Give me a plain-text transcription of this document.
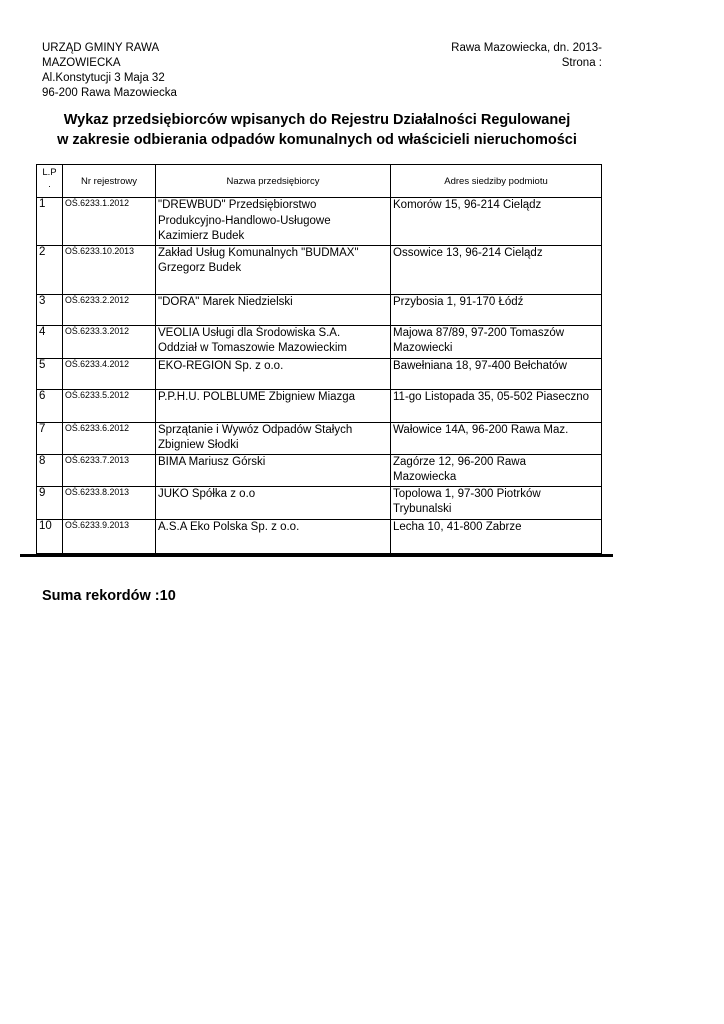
URZĄD GMINY RAWA
MAZOWIECKA
Al.Konstytucji 3 Maja 32
96-200 Rawa Mazowiecka
Rawa Mazowiecka, dn. 2013-
Strona :
Wykaz przedsiębiorców wpisanych do Rejestru Działalności Regulowanej
w zakresie odbierania odpadów komunalnych od właścicieli nieruchomości
L.P
.	Nr rejestrowy	Nazwa przedsiębiorcy	Adres siedziby podmiotu
1	OŚ.6233.1.2012	"DREWBUD" Przedsiębiorstwo
Produkcyjno-Handlowo-Usługowe
Kazimierz Budek	Komorów 15, 96-214 Cielądz
2	OŚ.6233.10.2013	Zakład Usług Komunalnych "BUDMAX"
Grzegorz Budek	Ossowice 13, 96-214 Cielądz
3	OŚ.6233.2.2012	"DORA" Marek Niedzielski	Przybosia 1, 91-170 Łódź
4	OŚ.6233.3.2012	VEOLIA Usługi dla Środowiska S.A.
Oddział w Tomaszowie Mazowieckim	Majowa 87/89, 97-200 Tomaszów
Mazowiecki
5	OŚ.6233.4.2012	EKO-REGION Sp. z o.o.	Bawełniana 18, 97-400 Bełchatów
6	OŚ.6233.5.2012	P.P.H.U. POLBLUME Zbigniew Miazga	11-go Listopada 35, 05-502 Piaseczno
7	OŚ.6233.6.2012	Sprzątanie i Wywóz Odpadów Stałych
Zbigniew Słodki	Wałowice 14A, 96-200 Rawa Maz.
8	OŚ.6233.7.2013	BIMA Mariusz Górski	Zagórze 12, 96-200 Rawa
Mazowiecka
9	OŚ.6233.8.2013	JUKO Spółka z o.o	Topolowa 1, 97-300 Piotrków
Trybunalski
10	OŚ.6233.9.2013	A.S.A Eko Polska Sp. z o.o.	Lecha 10, 41-800 Zabrze
Suma rekordów :10
